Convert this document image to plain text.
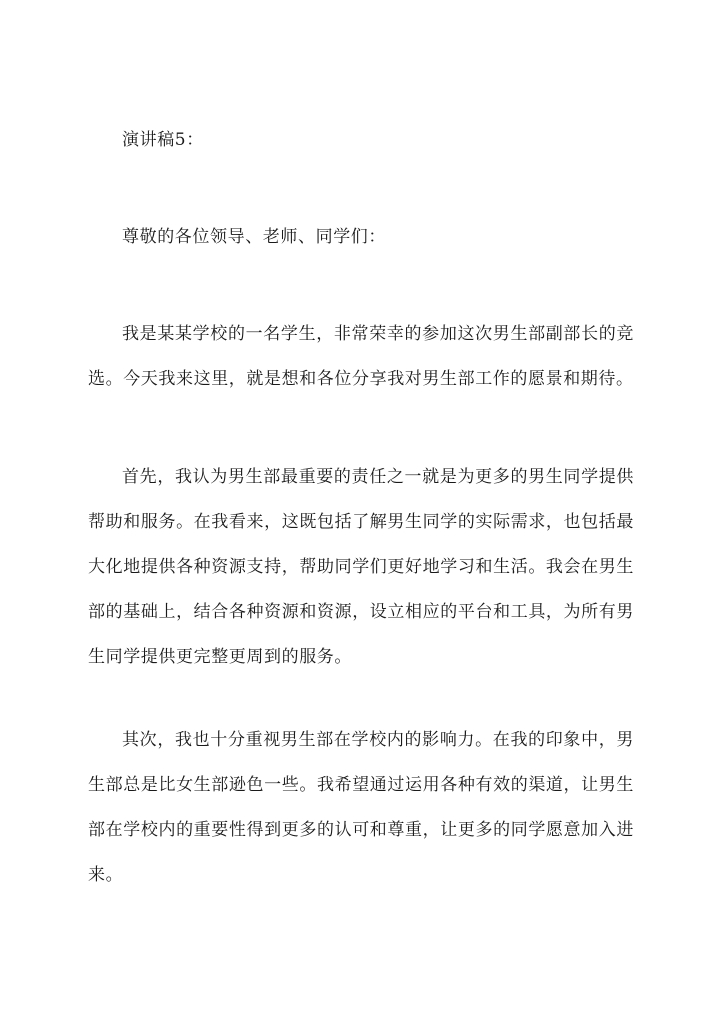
演讲稿5：

尊敬的各位领导、老师、同学们：

我是某某学校的一名学生，非常荣幸的参加这次男生部副部长的竞选。今天我来这里，就是想和各位分享我对男生部工作的愿景和期待。

首先，我认为男生部最重要的责任之一就是为更多的男生同学提供帮助和服务。在我看来，这既包括了解男生同学的实际需求，也包括最大化地提供各种资源支持，帮助同学们更好地学习和生活。我会在男生部的基础上，结合各种资源和资源，设立相应的平台和工具，为所有男生同学提供更完整更周到的服务。

其次，我也十分重视男生部在学校内的影响力。在我的印象中，男生部总是比女生部逊色一些。我希望通过运用各种有效的渠道，让男生部在学校内的重要性得到更多的认可和尊重，让更多的同学愿意加入进来。
